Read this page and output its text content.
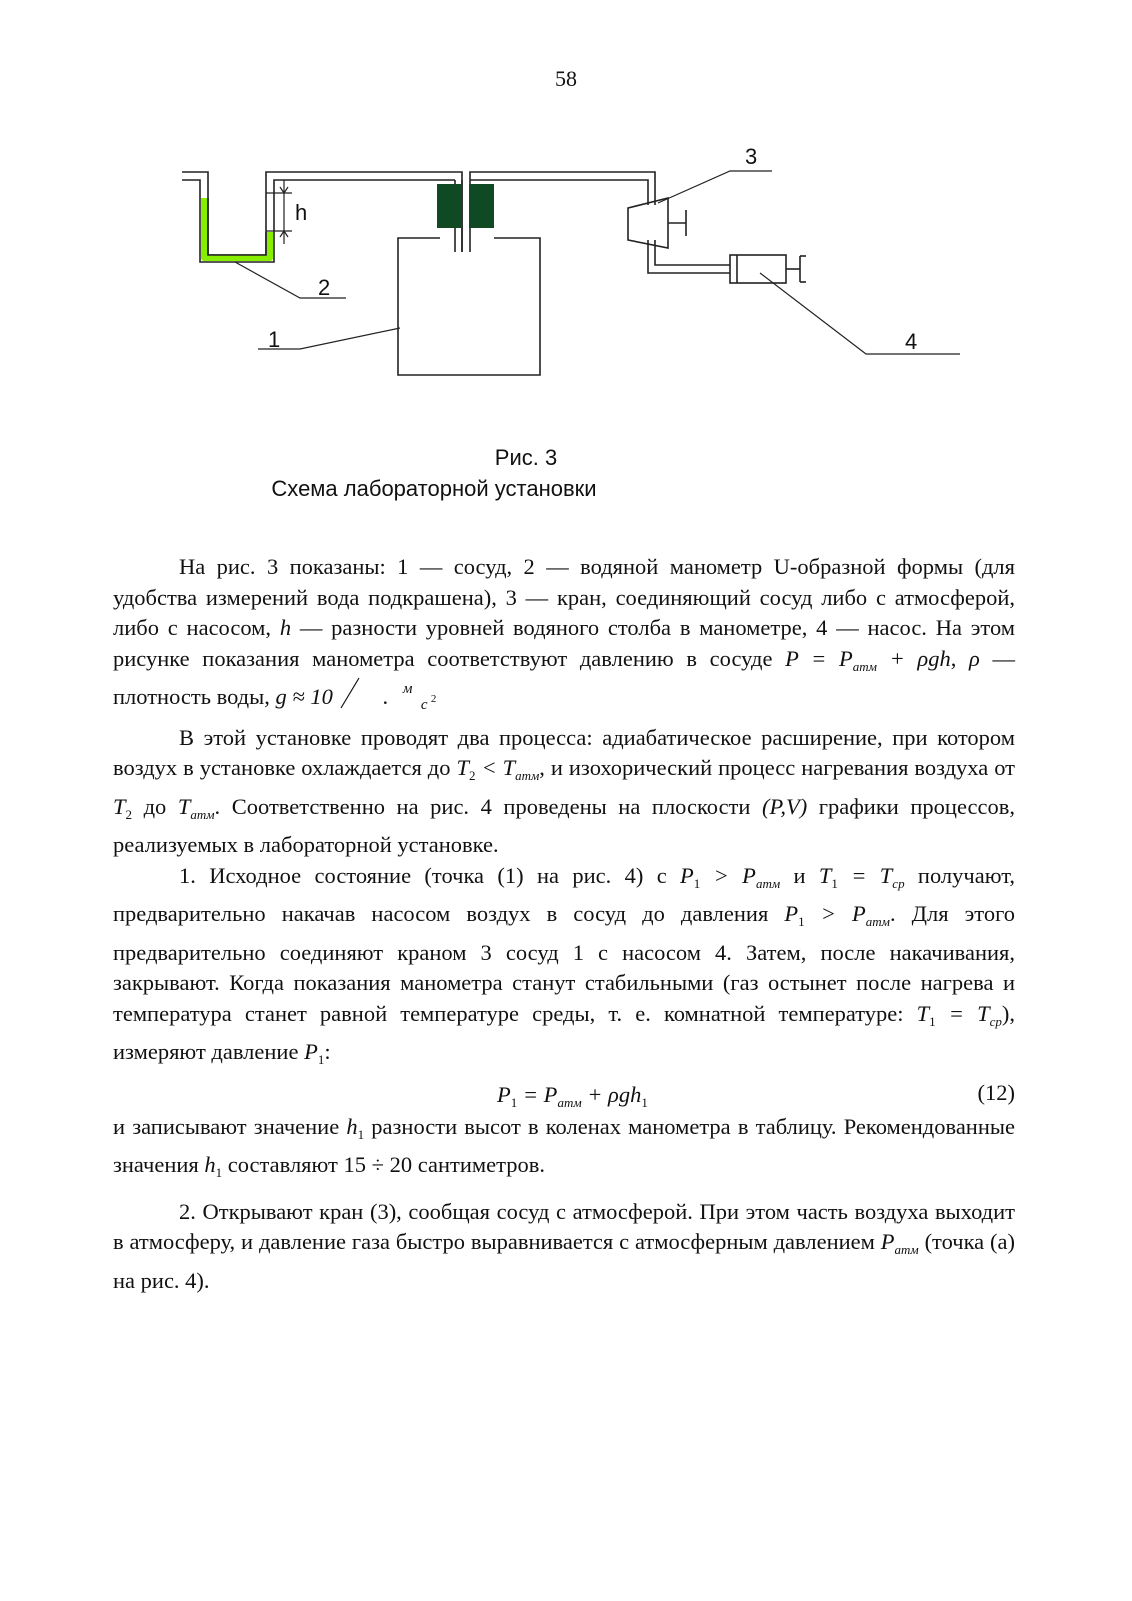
58
h
1
2
3
4
Рис. 3
Схема лабораторной установки

На рис. 3 показаны: 1 — сосуд, 2 — водяной манометр U-образной формы (для удобства измерений вода подкрашена), 3 — кран, соединяющий сосуд либо с атмосферой, либо с насосом, h — разности уровней водяного столба в манометре, 4 — насос. На этом рисунке показания манометра соответствуют давлению в сосуде $P = P_{атм} + \rho gh$, ρ — плотность воды, g ≈ 10	м
с 2
.

В этой установке проводят два процесса: адиабатическое расширение, при котором воздух в установке охлаждается до $T_2 < T_{атм}$, и изохорический процесс нагревания воздуха от $T_2$ до $T_{атм}$. Соответственно на рис. 4 проведены на плоскости (P,V) графики процессов, реализуемых в лабораторной установке.

1. Исходное состояние (точка (1) на рис. 4) с $P_1 > P_{атм}$ и $T_1 = T_{ср}$ получают, предварительно накачав насосом воздух в сосуд до давления $P_1 > P_{атм}$. Для этого предварительно соединяют краном 3 сосуд 1 с насосом 4. Затем, после накачивания, закрывают. Когда показания манометра станут стабильными (газ остынет после нагрева и температура станет равной температуре среды, т. е. комнатной температуре: $T_1 = T_{ср}$), измеряют давление $P_1$:

$P_1 = P_{атм} + \rho gh_1$	(12)

и записывают значение $h_1$ разности высот в коленах манометра в таблицу. Рекомендованные значения $h_1$ составляют 15 ÷ 20 сантиметров.

2. Открывают кран (3), сообщая сосуд с атмосферой. При этом часть воздуха выходит в атмосферу, и давление газа быстро выравнивается с атмосферным давлением $P_{атм}$ (точка (а) на рис. 4).
